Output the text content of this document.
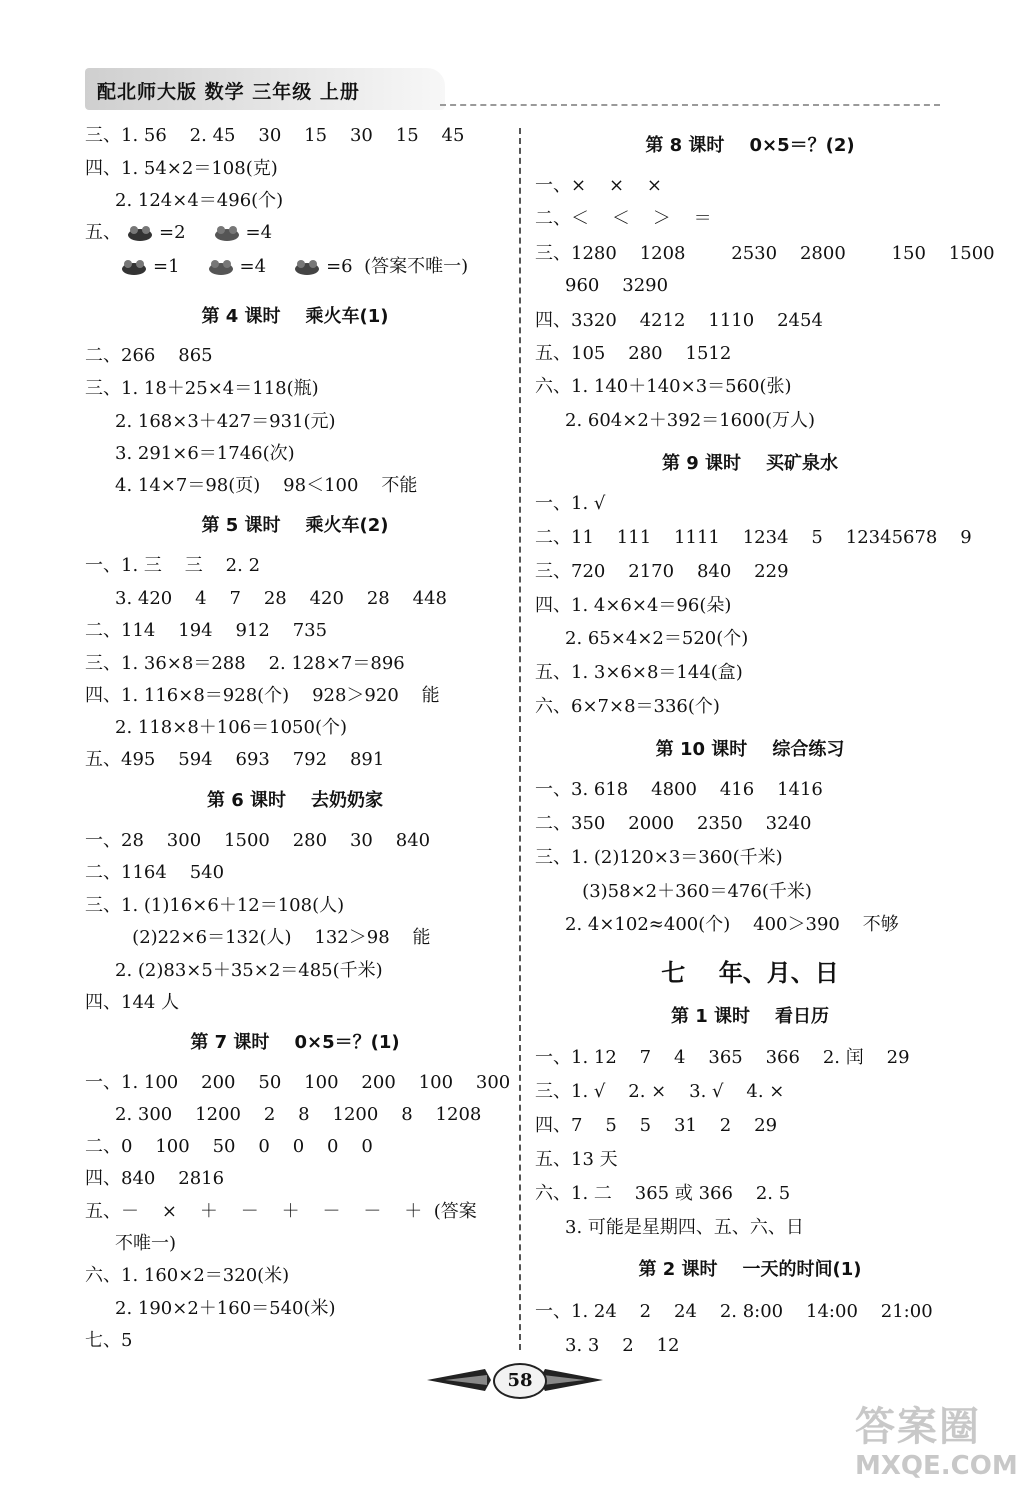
配北师大版 数学 三年级 上册
三、1. 56    2. 45    30    15    30    15    45
四、1. 54×2＝108(克)
2. 124×4＝496(个)
五、 =2	=4
=1	=4	=6  (答案不唯一)
第 4 课时    乘火车(1)
二、266    865
三、1. 18＋25×4＝118(瓶)
2. 168×3＋427＝931(元)
3. 291×6＝1746(次)
4. 14×7＝98(页)    98＜100    不能
第 5 课时    乘火车(2)
一、1. 三    三    2. 2
3. 420    4    7    28    420    28    448
二、114    194    912    735
三、1. 36×8＝288    2. 128×7＝896
四、1. 116×8＝928(个)    928＞920    能
2. 118×8＋106＝1050(个)
五、495    594    693    792    891
第 6 课时    去奶奶家
一、28    300    1500    280    30    840
二、1164    540
三、1. (1)16×6＋12＝108(人)
(2)22×6＝132(人)    132＞98    能
2. (2)83×5＋35×2＝485(千米)
四、144 人
第 7 课时    0×5＝？(1)
一、1. 100    200    50    100    200    100    300
2. 300    1200    2    8    1200    8    1208
二、0    100    50    0    0    0    0
四、840    2816
五、－    ×    ＋    －    ＋    －    －    ＋  (答案
不唯一)
六、1. 160×2＝320(米)
2. 190×2＋160＝540(米)
七、5
第 8 课时    0×5＝？(2)
一、×    ×    ×
二、＜    ＜    ＞    ＝
三、1280    1208        2530    2800        150    1500
960    3290
四、3320    4212    1110    2454
五、105    280    1512
六、1. 140＋140×3＝560(张)
2. 604×2＋392＝1600(万人)
第 9 课时    买矿泉水
一、1. √
二、11    111    1111    1234    5    12345678    9
三、720    2170    840    229
四、1. 4×6×4＝96(朵)
2. 65×4×2＝520(个)
五、1. 3×6×8＝144(盒)
六、6×7×8＝336(个)
第 10 课时    综合练习
一、3. 618    4800    416    1416
二、350    2000    2350    3240
三、1. (2)120×3＝360(千米)
(3)58×2＋360＝476(千米)
2. 4×102≈400(个)    400＞390    不够
七    年、月、日
第 1 课时    看日历
一、1. 12    7    4    365    366    2. 闰    29
三、1. √    2. ×    3. √    4. ×
四、7    5    5    31    2    29
五、13 天
六、1. 二    365 或 366    2. 5
3. 可能是星期四、五、六、日
第 2 课时    一天的时间(1)
一、1. 24    2    24    2. 8:00    14:00    21:00
3. 3    2    12
58
答案圈
MXQE.COM
